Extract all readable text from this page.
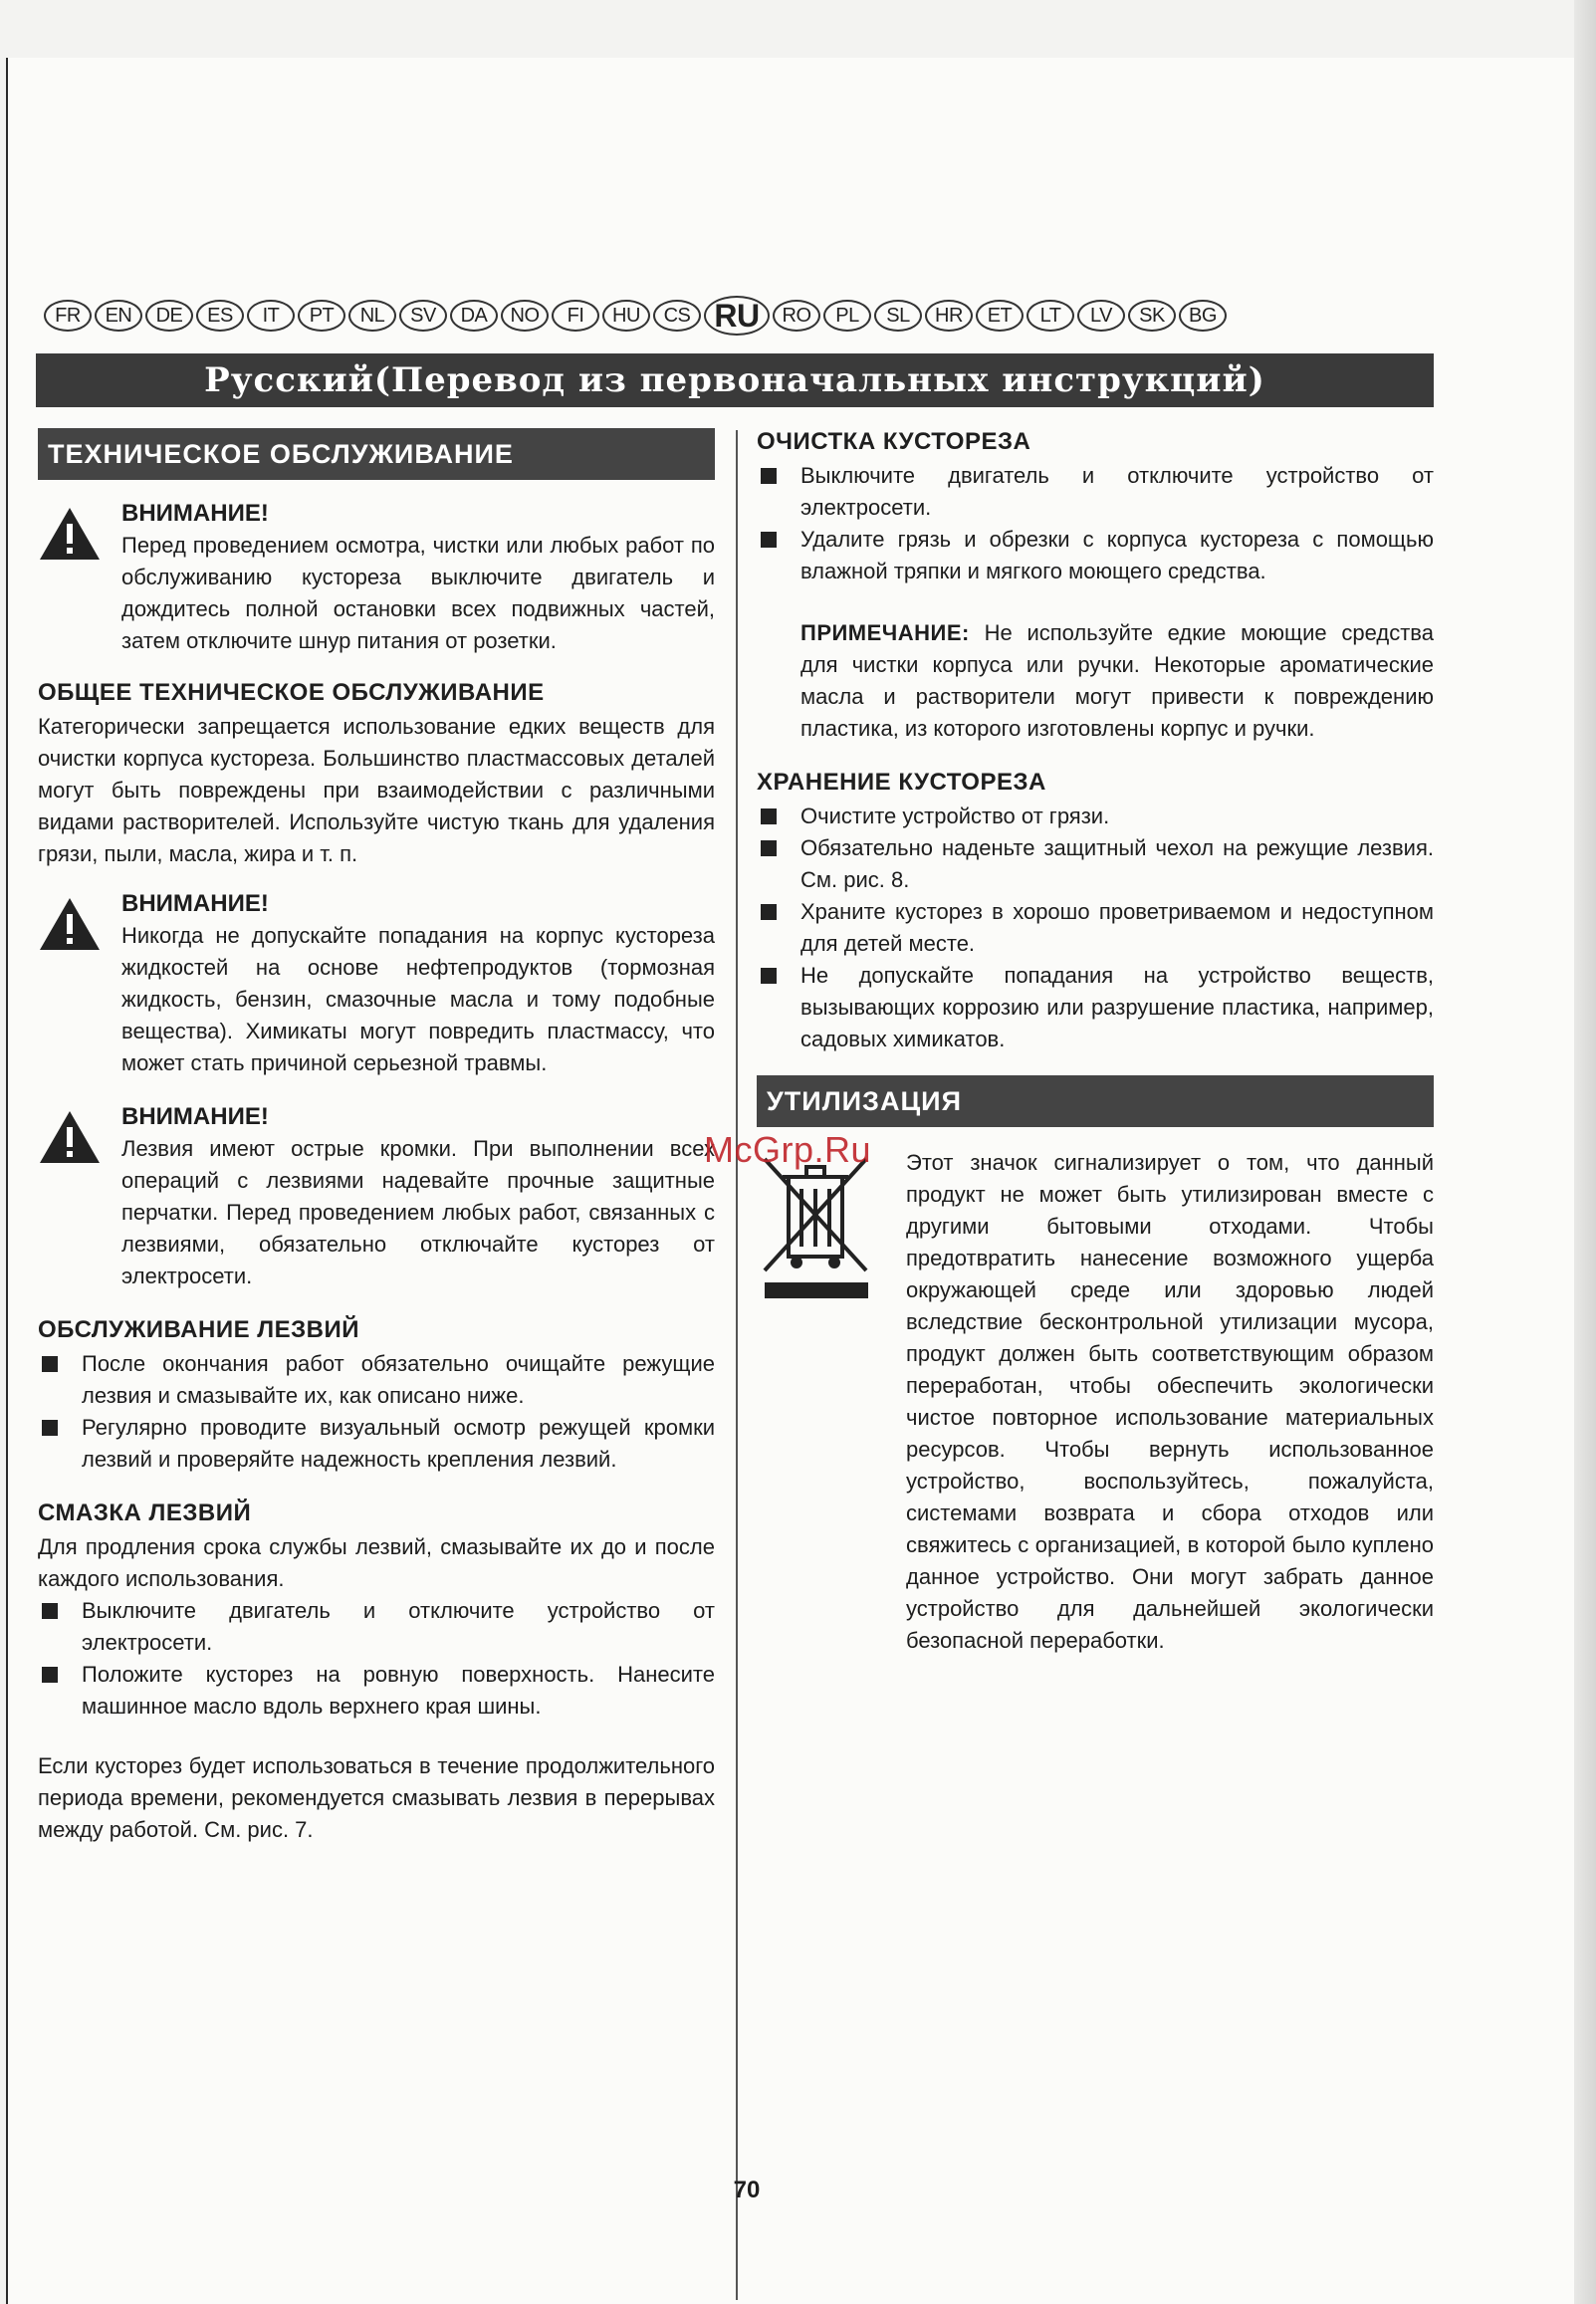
FR	EN	DE	ES	IT	PT	NL	SV	DA	NO	FI	HU	CS RU	RO	PL	SL	HR	ET	LT	LV	SK	BG
Русский(Перевод из первоначальных инструкций)
ТЕХНИЧЕСКОЕ ОБСЛУЖИВАНИЕ
ВНИМАНИЕ!

Перед проведением осмотра, чистки или любых работ по обслуживанию кустореза выключите двигатель и дождитесь полной остановки всех подвижных частей, затем отключите шнур питания от розетки.

ОБЩЕЕ ТЕХНИЧЕСКОЕ ОБСЛУЖИВАНИЕ

Категорически запрещается использование едких веществ для очистки корпуса кустореза. Большинство пластмассовых деталей могут быть повреждены при взаимодействии с различными видами растворителей. Используйте чистую ткань для удаления грязи, пыли, масла, жира и т. п.

ВНИМАНИЕ!

Никогда не допускайте попадания на корпус кустореза жидкостей на основе нефтепродуктов (тормозная жидкость, бензин, смазочные масла и тому подобные вещества). Химикаты могут повредить пластмассу, что может стать причиной серьезной травмы.

ВНИМАНИЕ!

Лезвия имеют острые кромки. При выполнении всех операций с лезвиями надевайте прочные защитные перчатки. Перед проведением любых работ, связанных с лезвиями, обязательно отключайте кусторез от электросети.

ОБСЛУЖИВАНИЕ ЛЕЗВИЙ
После окончания работ обязательно очищайте режущие лезвия и смазывайте их, как описано ниже.
Регулярно проводите визуальный осмотр режущей кромки лезвий и проверяйте надежность крепления лезвий.
СМАЗКА ЛЕЗВИЙ

Для продления срока службы лезвий, смазывайте их до и после каждого использования.

Выключите двигатель и отключите устройство от электросети.
Положите кусторез на ровную поверхность. Нанесите машинное масло вдоль верхнего края шины.

Если кусторез будет использоваться в течение продолжительного периода времени, рекомендуется смазывать лезвия в перерывах между работой. См. рис. 7.

ОЧИСТКА КУСТОРЕЗА
Выключите двигатель и отключите устройство от электросети.
Удалите грязь и обрезки с корпуса кустореза с помощью влажной тряпки и мягкого моющего средства.

ПРИМЕЧАНИЕ: Не используйте едкие моющие средства для чистки корпуса или ручки. Некоторые ароматические масла и растворители могут привести к повреждению пластика, из которого изготовлены корпус и ручки.

ХРАНЕНИЕ КУСТОРЕЗА
Очистите устройство от грязи.
Обязательно наденьте защитный чехол на режущие лезвия. См. рис. 8.
Храните кусторез в хорошо проветриваемом и недоступном для детей месте.
Не допускайте попадания на устройство веществ, вызывающих коррозию или разрушение пластика, например, садовых химикатов.
УТИЛИЗАЦИЯ

Этот значок сигнализирует о том, что данный продукт не может быть утилизирован вместе с другими бытовыми отходами. Чтобы предотвратить нанесение возможного ущерба окружающей среде или здоровью людей вследствие бесконтрольной утилизации мусора, продукт должен быть соответствующим образом переработан, чтобы обеспечить экологически чистое повторное использование материальных ресурсов. Чтобы вернуть использованное устройство, воспользуйтесь, пожалуйста, системами возврата и сбора отходов или свяжитесь с организацией, в которой было куплено данное устройство. Они могут забрать данное устройство для дальнейшей экологически безопасной переработки.

McGrp.Ru
70
